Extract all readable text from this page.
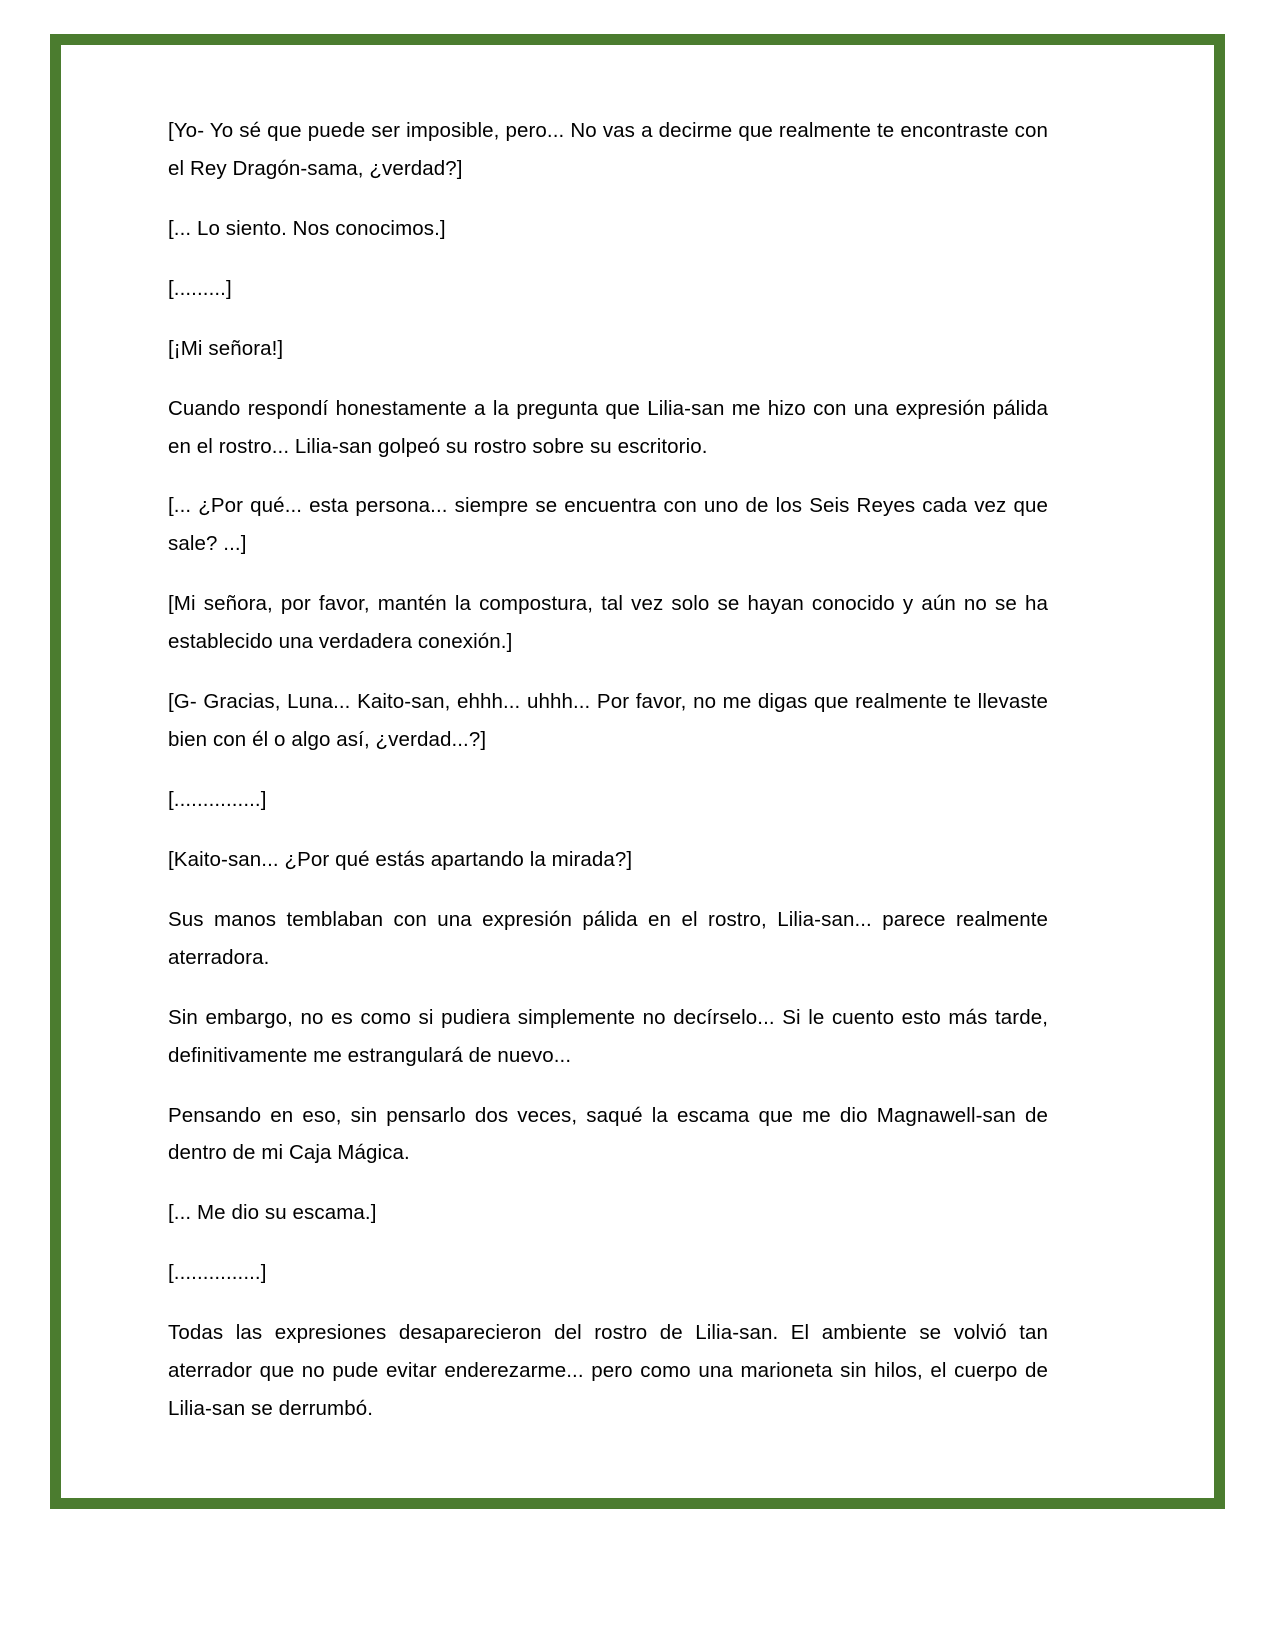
[Yo- Yo sé que puede ser imposible, pero... No vas a decirme que realmente te encontraste con el Rey Dragón-sama, ¿verdad?]

[... Lo siento. Nos conocimos.]

[.........]

[¡Mi señora!]

Cuando respondí honestamente a la pregunta que Lilia-san me hizo con una expresión pálida en el rostro... Lilia-san golpeó su rostro sobre su escritorio.

[... ¿Por qué... esta persona... siempre se encuentra con uno de los Seis Reyes cada vez que sale? ...]

[Mi señora, por favor, mantén la compostura, tal vez solo se hayan conocido y aún no se ha establecido una verdadera conexión.]

[G- Gracias, Luna... Kaito-san, ehhh... uhhh... Por favor, no me digas que realmente te llevaste bien con él o algo así, ¿verdad...?]

[...............]

[Kaito-san... ¿Por qué estás apartando la mirada?]

Sus manos temblaban con una expresión pálida en el rostro, Lilia-san... parece realmente aterradora.

Sin embargo, no es como si pudiera simplemente no decírselo... Si le cuento esto más tarde, definitivamente me estrangulará de nuevo...

Pensando en eso, sin pensarlo dos veces, saqué la escama que me dio Magnawell-san de dentro de mi Caja Mágica.

[... Me dio su escama.]

[...............]

Todas las expresiones desaparecieron del rostro de Lilia-san. El ambiente se volvió tan aterrador que no pude evitar enderezarme... pero como una marioneta sin hilos, el cuerpo de Lilia-san se derrumbó.
